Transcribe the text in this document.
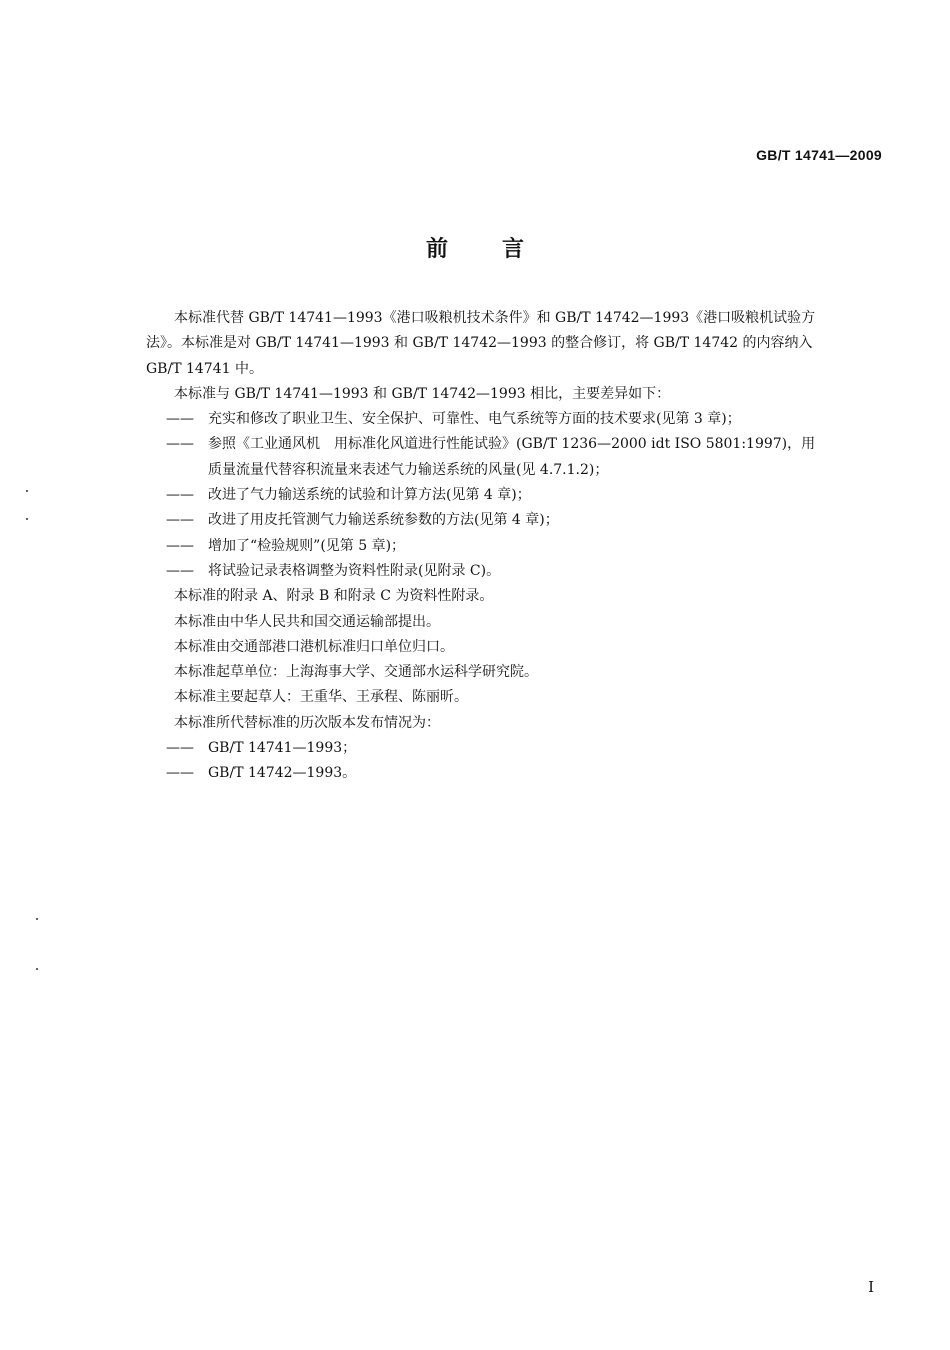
GB/T 14741—2009
前言

本标准代替 GB/T 14741—1993《港口吸粮机技术条件》和 GB/T 14742—1993《港口吸粮机试验方

法》。本标准是对 GB/T 14741—1993 和 GB/T 14742—1993 的整合修订，将 GB/T 14742 的内容纳入

GB/T 14741 中。

本标准与 GB/T 14741—1993 和 GB/T 14742—1993 相比，主要差异如下：

—— 充实和修改了职业卫生、安全保护、可靠性、电气系统等方面的技术要求(见第 3 章)；

—— 参照《工业通风机　用标准化风道进行性能试验》(GB/T 1236—2000 idt ISO 5801:1997)，用

质量流量代替容积流量来表述气力输送系统的风量(见 4.7.1.2)；

—— 改进了气力输送系统的试验和计算方法(见第 4 章)；

—— 改进了用皮托管测气力输送系统参数的方法(见第 4 章)；

—— 增加了“检验规则”(见第 5 章)；

—— 将试验记录表格调整为资料性附录(见附录 C)。

本标准的附录 A、附录 B 和附录 C 为资料性附录。

本标准由中华人民共和国交通运输部提出。

本标准由交通部港口港机标准归口单位归口。

本标准起草单位：上海海事大学、交通部水运科学研究院。

本标准主要起草人：王重华、王承程、陈丽昕。

本标准所代替标准的历次版本发布情况为：

—— GB/T 14741—1993；

—— GB/T 14742—1993。

I
